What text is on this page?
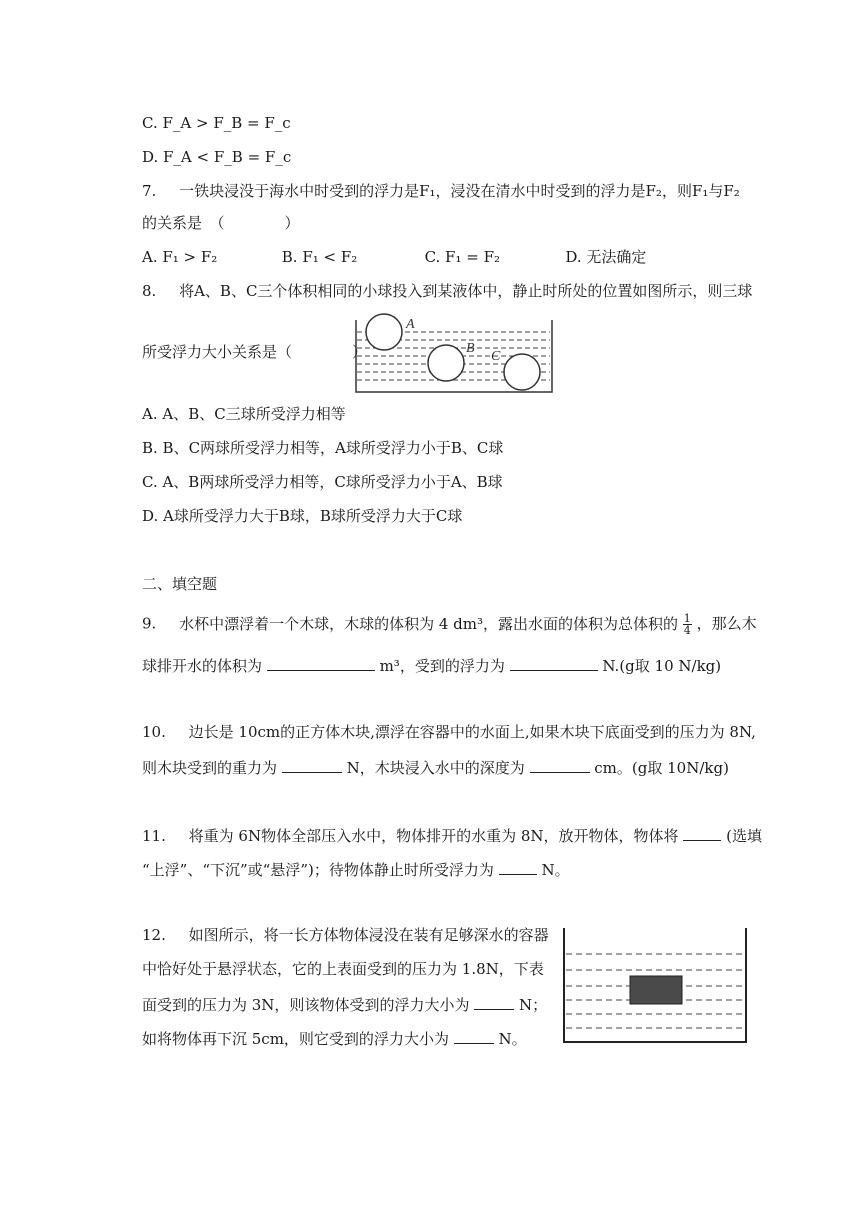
C. F_A > F_B = F_c
D. F_A < F_B = F_c
7. 一铁块浸没于海水中时受到的浮力是F₁，浸没在清水中时受到的浮力是F₂，则F₁与F₂
的关系是　（　　　　）
A. F₁ > F₂	B. F₁ < F₂	C. F₁ = F₂	D. 无法确定
8. 将A、B、C三个体积相同的小球投入到某液体中，静止时所处的位置如图所示，则三球
所受浮力大小关系是（　　　　）
A
B
C
A. A、B、C三球所受浮力相等
B. B、C两球所受浮力相等，A球所受浮力小于B、C球
C. A、B两球所受浮力相等，C球所受浮力小于A、B球
D. A球所受浮力大于B球，B球所受浮力大于C球
二、填空题
9. 水杯中漂浮着一个木球，木球的体积为 4 dm³，露出水面的体积为总体积的 $\frac{1}{4}$ ，那么木
球排开水的体积为	m³，受到的浮力为	N.(g取 10 N/kg)
10. 边长是 10cm的正方体木块,漂浮在容器中的水面上,如果木块下底面受到的压力为 8N,
则木块受到的重力为	N，木块浸入水中的深度为	cm。(g取 10N/kg)
11. 将重为 6N物体全部压入水中，物体排开的水重为 8N，放开物体，物体将	(选填
“上浮”、“下沉”或“悬浮”)；待物体静止时所受浮力为	N。
12. 如图所示，将一长方体物体浸没在装有足够深水的容器
中恰好处于悬浮状态，它的上表面受到的压力为 1.8N，下表
面受到的压力为 3N，则该物体受到的浮力大小为	N；
如将物体再下沉 5cm，则它受到的浮力大小为	N。
